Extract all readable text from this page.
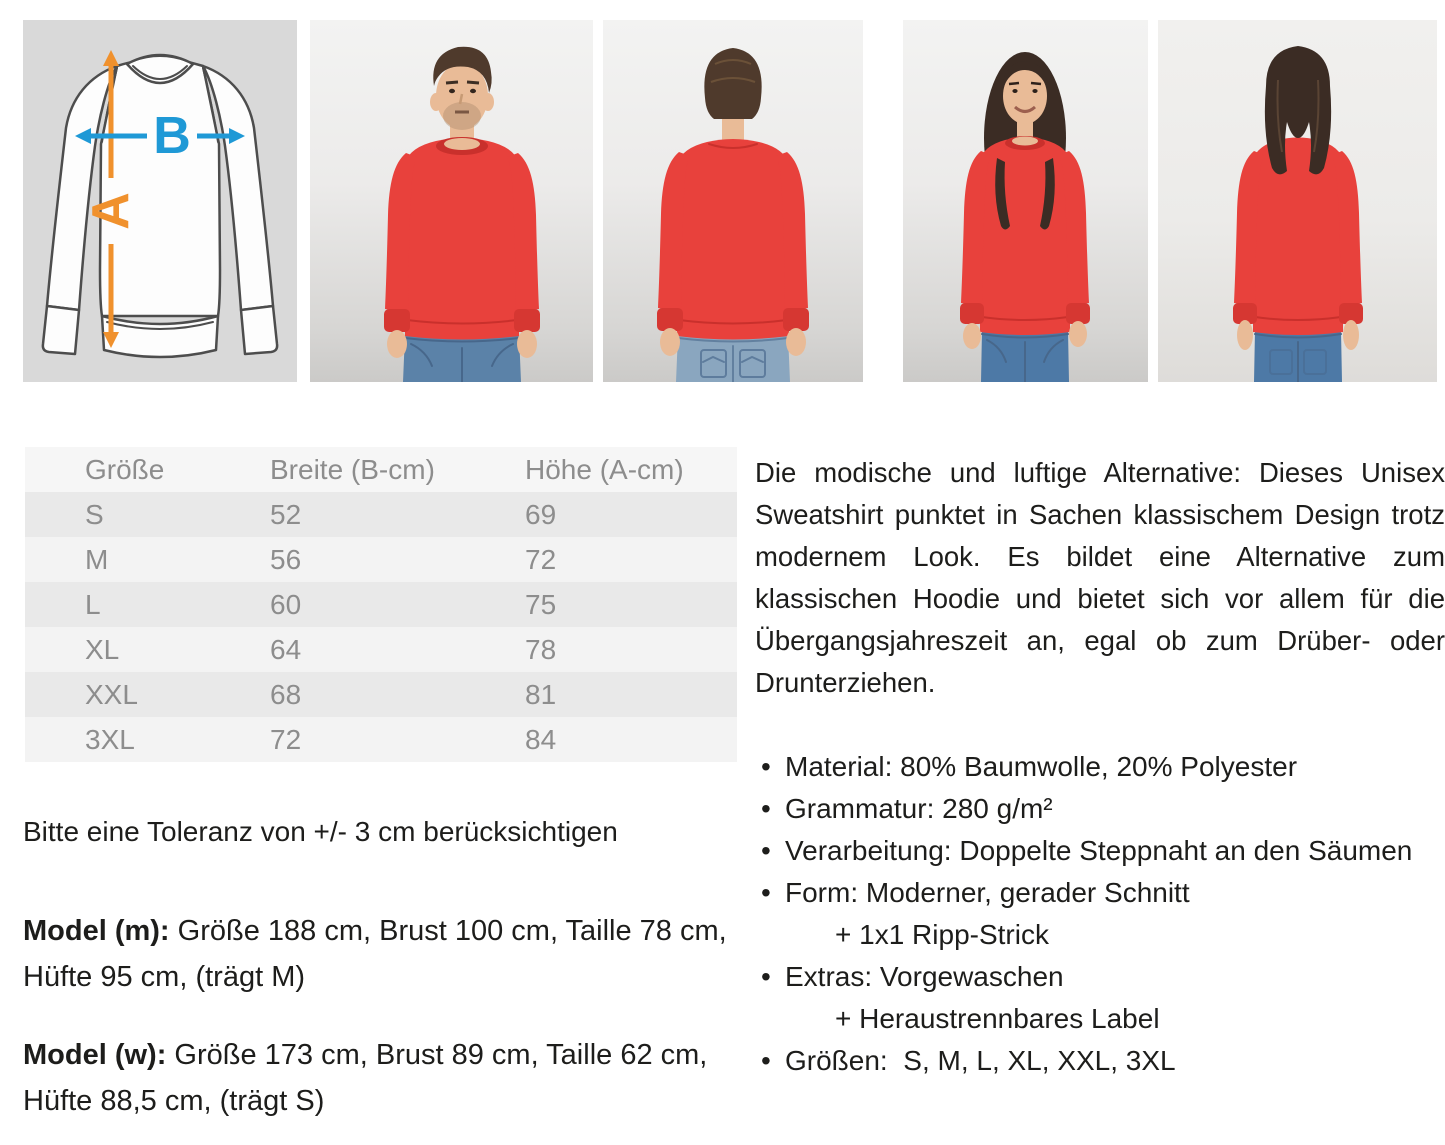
A
B
Größe	Breite (B-cm)	Höhe (A-cm)
S	52	69
M	56	72
L	60	75
XL	64	78
XXL	68	81
3XL	72	84
Bitte eine Toleranz von +/- 3 cm berücksichtigen
Model (m): Größe 188 cm, Brust 100 cm, Taille 78 cm, Hüfte 95 cm, (trägt M)
Model (w): Größe 173 cm, Brust 89 cm, Taille 62 cm, Hüfte 88,5 cm, (trägt S)
Die modische und luftige Alternative: Dieses Unisex Sweatshirt punktet in Sachen klassischem Design trotz modernem Look. Es bildet eine Alternative zum klassischen Hoodie und bietet sich vor allem für die Übergangsjahreszeit an, egal ob zum Drüber- oder Drunterziehen.
• Material: 80% Baumwolle, 20% Polyester
• Grammatur: 280 g/m²
• Verarbeitung: Doppelte Steppnaht an den Säumen
• Form: Moderner, gerader Schnitt
+ 1x1 Ripp-Strick
• Extras: Vorgewaschen
+ Heraustrennbares Label
• Größen:  S, M, L, XL, XXL, 3XL
